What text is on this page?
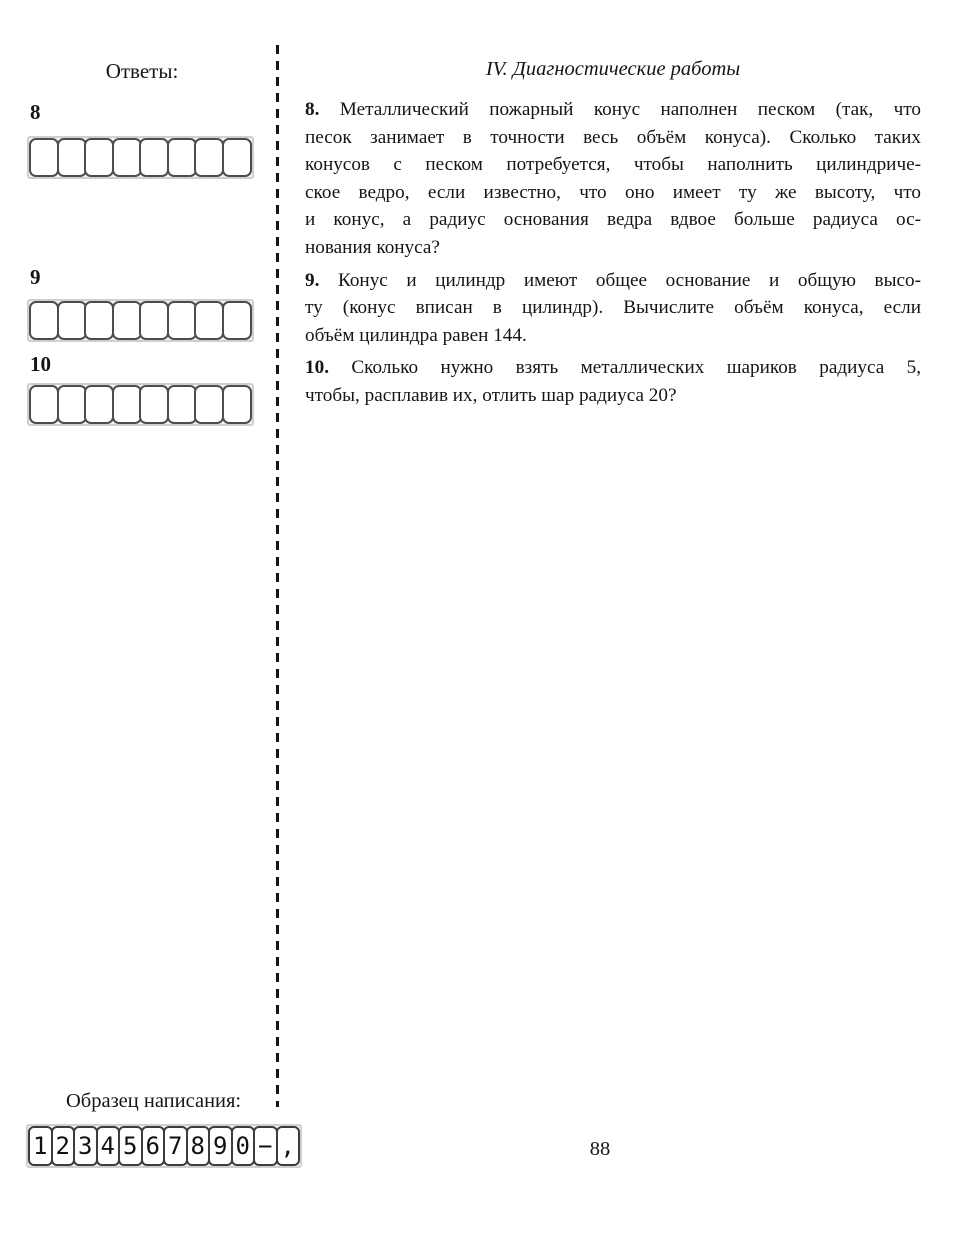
Ответы:
8
9
10
IV. Диагностические работы
8. Металлический пожарный конус наполнен песком (так, что
песок занимает в точности весь объём конуса). Сколько таких
конусов с песком потребуется, чтобы наполнить цилиндриче-
ское ведро, если известно, что оно имеет ту же высоту, что
и конус, а радиус основания ведра вдвое больше радиуса ос-
нования конуса?
9. Конус и цилиндр имеют общее основание и общую высо-
ту (конус вписан в цилиндр). Вычислите объём конуса, если
объём цилиндра равен 144.
10. Сколько нужно взять металлических шариков радиуса 5,
чтобы, расплавив их, отлить шар радиуса 20?
Образец написания:
1 2 3 4 5 6 7 8 9 0 − ,	88
